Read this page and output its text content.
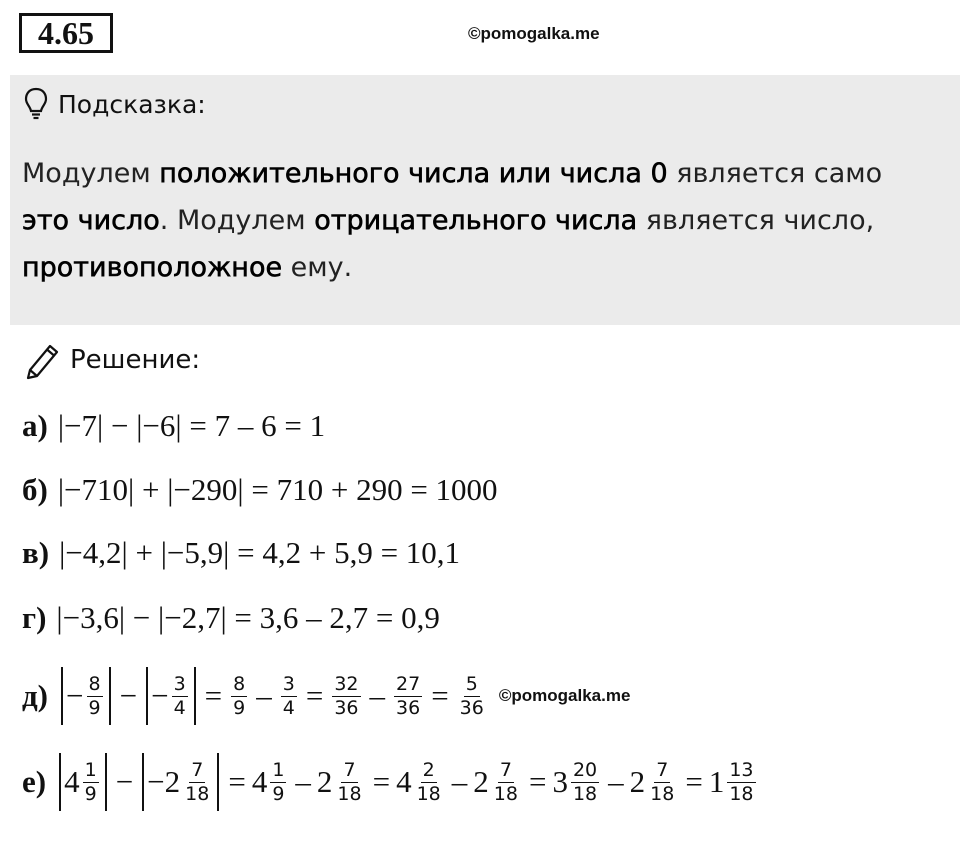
4.65	©pomogalka.me
Подсказка:
Модулем положительного числа или числа 0 является само
это число. Модулем отрицательного числа является число,
противоположное ему.
Решение:
а) |−7| − |−6| = 7 – 6 = 1
б) |−710| + |−290| = 710 + 290 = 1000
в) |−4,2| + |−5,9| = 4,2 + 5,9 = 10,1
г) |−3,6| − |−2,7| = 3,6 – 2,7 = 0,9
$д) - \frac{8}{9}$ − − $\frac{3}{4} = \frac{8}{9} - \frac{3}{4} = \frac{32}{36} - \frac{27}{36} = \frac{5}{36}$ ©pomogalka.me
е) $4 \frac{1}{9} - -2 \frac{7}{18} = 4 \frac{1}{9} - 2 \frac{7}{18} = 4 \frac{2}{18} - 2 \frac{7}{18} = 3 \frac{20}{18} - 2 \frac{7}{18} = 1 \frac{13}{18}$
